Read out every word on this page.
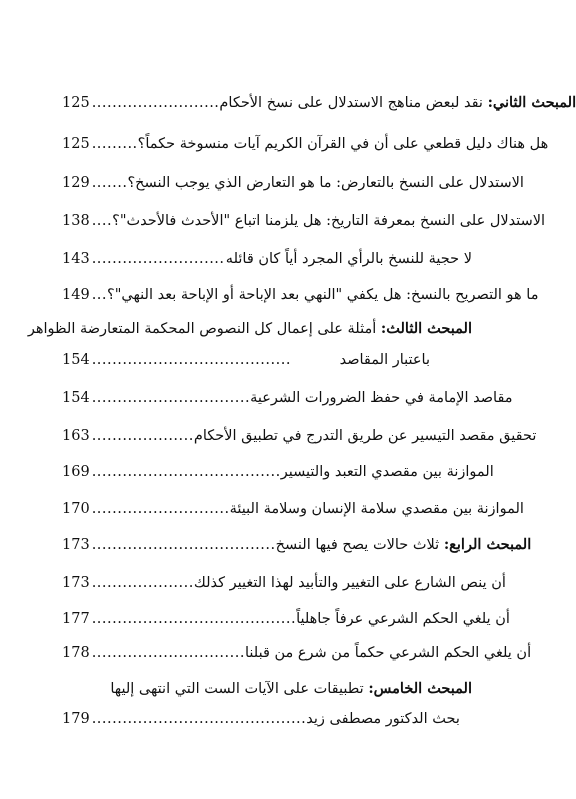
125 .........................	المبحث الثاني: نقد لبعض مناهج الاستدلال على نسخ الأحكام
125 ......... هل هناك دليل قطعي على أن في القرآن الكريم آيات منسوخة حكماً؟
129 ....... الاستدلال على النسخ بالتعارض: ما هو التعارض الذي يوجب النسخ؟
138 .... الاستدلال على النسخ بمعرفة التاريخ: هل يلزمنا اتباع "الأحدث فالأحدث"؟
143 .......................... لا حجية للنسخ بالرأي المجرد أياً كان قائله
149 ... ما هو التصريح بالنسخ: هل يكفي "النهي بعد الإباحة أو الإباحة بعد النهي"؟
المبحث الثالث: أمثلة على إعمال كل النصوص المحكمة المتعارضة الظواهر
154 .......................................	باعتبار المقاصد
154 ............................... مقاصد الإمامة في حفظ الضرورات الشرعية
163 .................... تحقيق مقصد التيسير عن طريق التدرج في تطبيق الأحكام
169 ..................................... الموازنة بين مقصدي التعبد والتيسير
170 ........................... الموازنة بين مقصدي سلامة الإنسان وسلامة البيئة
173 ....................................	المبحث الرابع: ثلاث حالات يصح فيها النسخ
173 .................... أن ينص الشارع على التغيير والتأبيد لهذا التغيير كذلك
177 ........................................ أن يلغي الحكم الشرعي عرفاً جاهلياً
178 .............................. أن يلغي الحكم الشرعي حكماً من شرع من قبلنا
المبحث الخامس: تطبيقات على الآيات الست التي انتهى إليها
179 .......................................... بحث الدكتور مصطفى زيد
